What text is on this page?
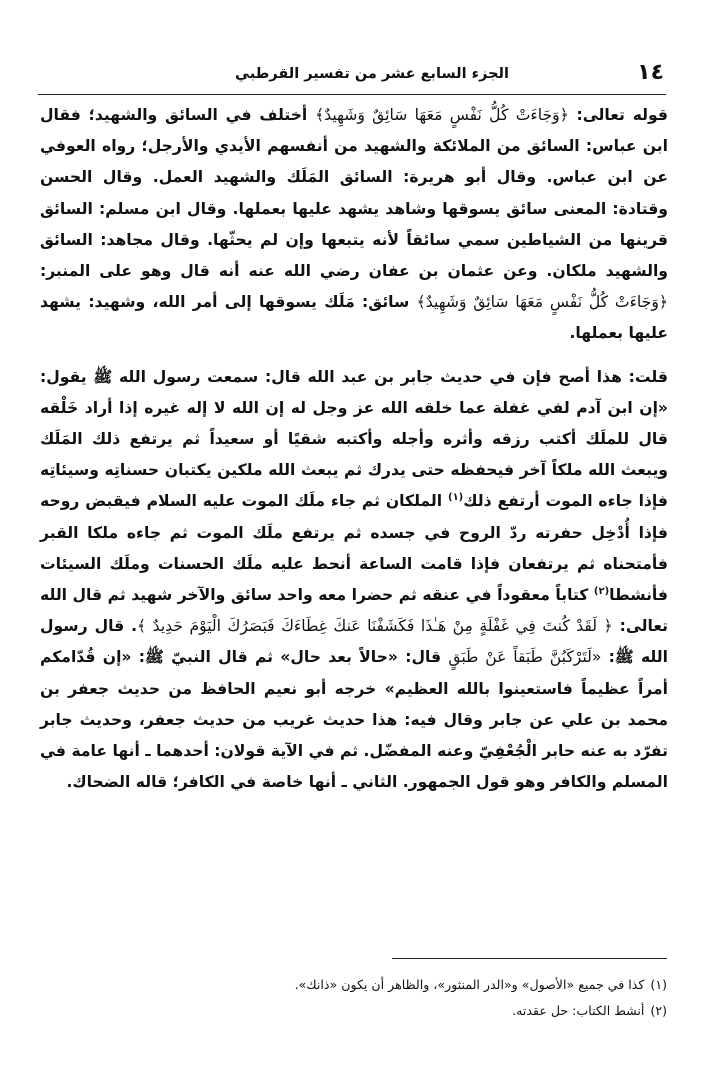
١٤
الجزء السابع عشر من تفسير القرطبي

قوله تعالى: ﴿وَجَاءَتْ كُلُّ نَفْسٍ مَعَهَا سَائِقٌ وَشَهِيدٌ﴾ أختلف في السائق والشهيد؛ فقال ابن عباس: السائق من الملائكة والشهيد من أنفسهم الأيدي والأرجل؛ رواه العوفي عن ابن عباس. وقال أبو هريرة: السائق المَلَك والشهيد العمل. وقال الحسن وقتادة: المعنى سائق يسوقها وشاهد يشهد عليها بعملها. وقال ابن مسلم: السائق قرينها من الشياطين سمي سائقاً لأنه يتبعها وإن لم يحثّها. وقال مجاهد: السائق والشهيد ملكان. وعن عثمان بن عفان رضي الله عنه أنه قال وهو على المنبر: ﴿وَجَاءَتْ كُلُّ نَفْسٍ مَعَهَا سَائِقٌ وَشَهِيدٌ﴾ سائق: مَلَك يسوقها إلى أمر الله، وشهيد: يشهد عليها بعملها.

قلت: هذا أصح فإن في حديث جابر بن عبد الله قال: سمعت رسول الله ﷺ يقول: «إن ابن آدم لفي غفلة عما خلقه الله عز وجل له إن الله لا إله غيره إذا أراد خَلْقه قال للملَك أكتب رزقه وأثره وأجله وأكتبه شقيًا أو سعيداً ثم يرتفع ذلك المَلَك ويبعث الله ملكاً آخر فيحفظه حتى يدرك ثم يبعث الله ملكين يكتبان حسناتِه وسيئاتِه فإذا جاءه الموت أرتفع ذلك$^{(١)}$ الملكان ثم جاء ملَك الموت عليه السلام فيقبض روحه فإذا أُدْخِل حفرته ردّ الروح في جسده ثم يرتفع ملَك الموت ثم جاءه ملكا القبر فأمتحناه ثم يرتفعان فإذا قامت الساعة أنحط عليه ملَك الحسنات وملَك السيئات فأنشطا$^{(٢)}$ كتاباً معقوداً في عنقه ثم حضرا معه واحد سائق والآخر شهيد ثم قال الله تعالى: ﴿ لَقَدْ كُنتَ فِي غَفْلَةٍ مِنْ هَـٰذَا فَكَشَفْنَا عَنكَ غِطَاءَكَ فَبَصَرُكَ الْيَوْمَ حَدِيدٌ ﴾. قال رسول الله ﷺ: «لَتَرْكَبُنَّ طَبَقاً عَنْ طَبَقٍ قال: «حالاً بعد حال» ثم قال النبيّ ﷺ: «إن قُدّامكم أمراً عظيماً فاستعينوا بالله العظيم» خرجه أبو نعيم الحافظ من حديث جعفر بن محمد بن علي عن جابر وقال فيه: هذا حديث غريب من حديث جعفر، وحديث جابر تفرّد به عنه حابر الْجُعْفِيّ وعنه المفضّل. ثم في الآية قولان: أحدهما ـ أنها عامة في المسلم والكافر وهو قول الجمهور. الثاني ـ أنها خاصة في الكافر؛ قاله الضحاك.

(١)كذا في جميع «الأصول» و«الدر المنثور»، والظاهر أن يكون «ذانك».

(٢)أنشط الكتاب: حل عقدته.
